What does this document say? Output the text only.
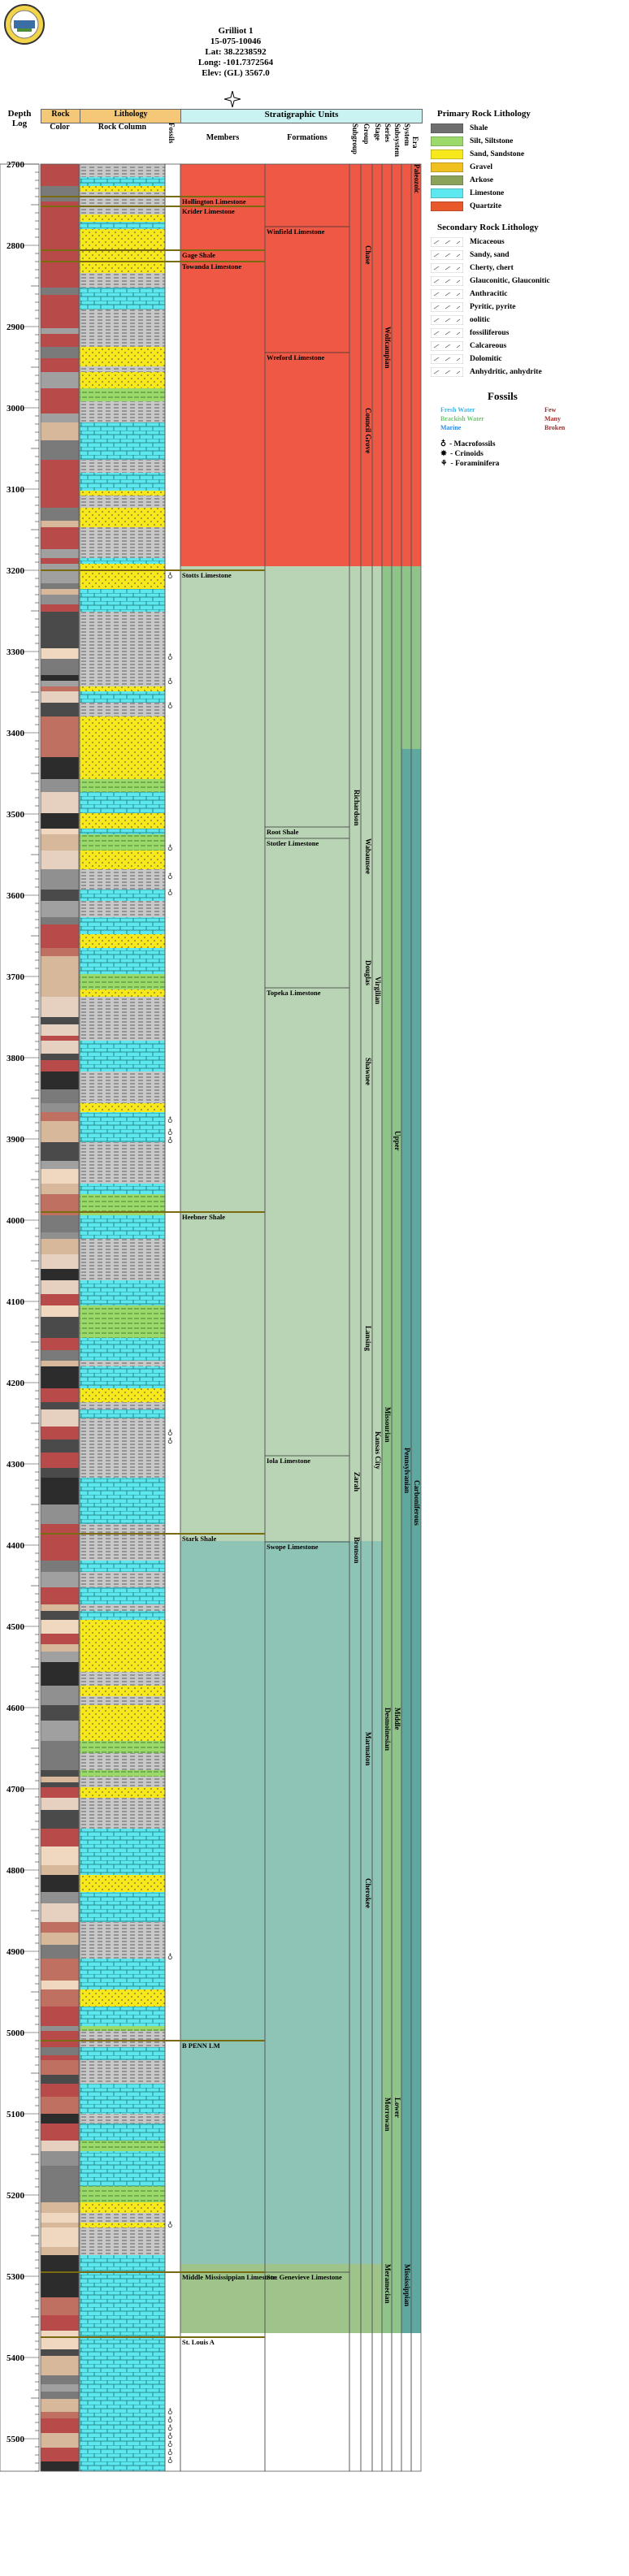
Grilliot 1
15-075-10046
Lat: 38.2238592
Long: -101.7372564
Elev: (GL) 3567.0
Depth
Log
Rock
Color
Lithology
Rock Column	Fossils
Stratigraphic Units
Members	Formations	Subgroup Group Stage Series Subsystem System Era
2700
2800
2900
3000
3100
3200
3300
3400
3500
3600
3700
3800
3900
4000
4100
4200
4300
4400
4500
4600
4700
4800
4900
5000
5100
5200
5300
5400
5500
Hollington Limestone
Krider Limestone
Gage Shale
Towanda Limestone
Stotts Limestone
Heebner Shale
Stark Shale
B PENN LM
Middle Mississippian Limestone
St. Louis A
Winfield Limestone
Wreford Limestone
Root Shale
Stotler Limestone
Topeka Limestone
Iola Limestone
Swope Limestone
Ste. Genevieve Limestone
Chase
Council Grove
Wolfcampian
Richardson
Wabaunsee
Shawnee
Virgilian
Douglas
Lansing
Kansas City
Missourian
Upper
Zarah
Bronson
Pennsylvanian
Desmoinesian
Marmaton
Cherokee
Middle
Morrowan Lower
Carboniferous
Meramecian Mississippian
Paleozoic
♁
♁
♁
♁
♁
♁
♁
♁
♁
♁
♁
♁
♁
♁
♁
♁
♁
♁
♁
♁
♁
Primary Rock Lithology
Shale
Silt, Siltstone
Sand, Sandstone
Gravel
Arkose
Limestone
Quartzite
Secondary Rock Lithology
Micaceous
Sandy, sand
Cherty, chert
Glauconitic, Glauconitic
Anthracitic
Pyritic, pyrite
oolitic
fossiliferous
Calcareous
Dolomitic
Anhydritic, anhydrite
Fossils
Fresh Water
Brackish Water
Marine
Few
Many
Broken
♁ - Macrofossils
✸ - Crinoids
⚘ - Foraminifera
